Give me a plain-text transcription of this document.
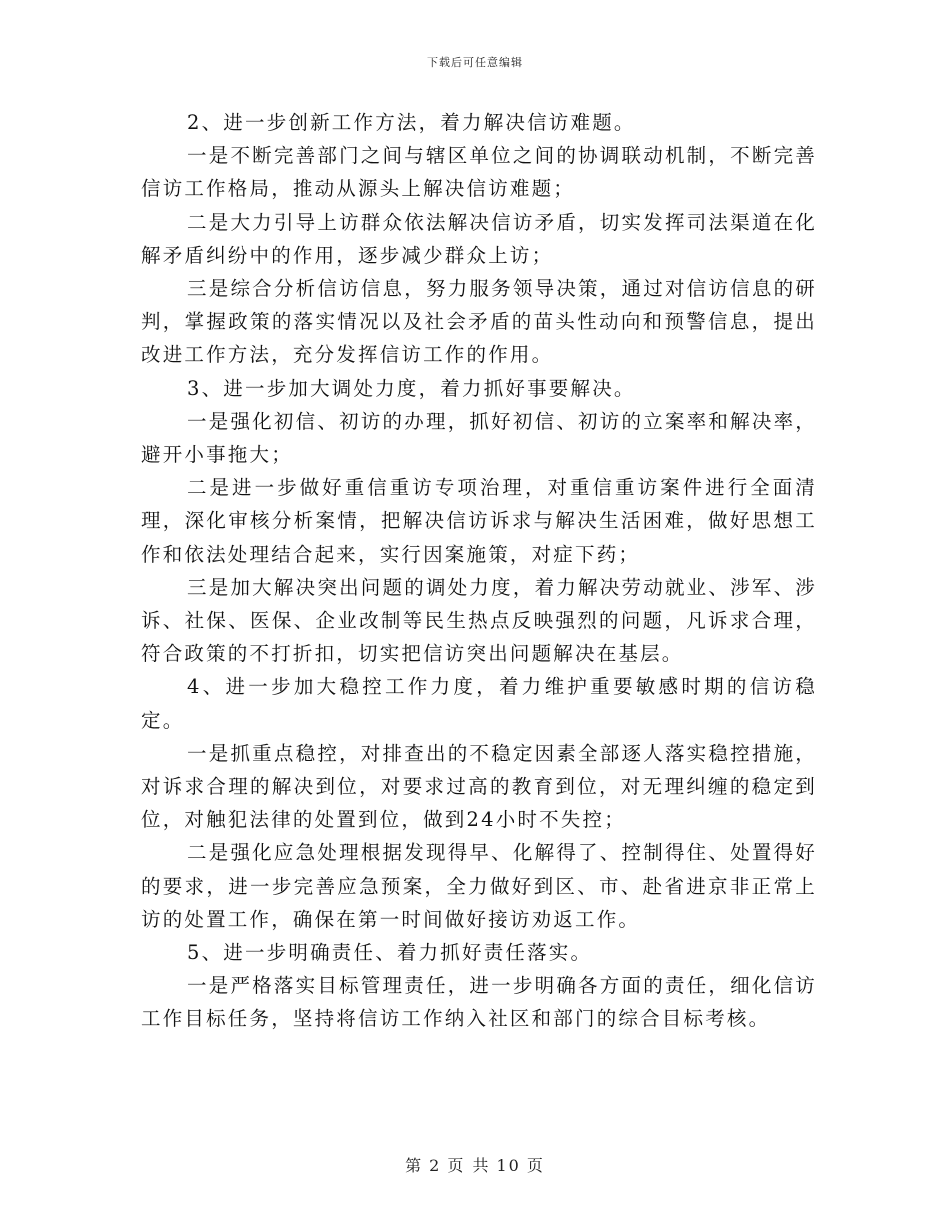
下载后可任意编辑

2、进一步创新工作方法，着力解决信访难题。

一是不断完善部门之间与辖区单位之间的协调联动机制，不断完善信访工作格局，推动从源头上解决信访难题；

二是大力引导上访群众依法解决信访矛盾，切实发挥司法渠道在化解矛盾纠纷中的作用，逐步减少群众上访；

三是综合分析信访信息，努力服务领导决策，通过对信访信息的研判，掌握政策的落实情况以及社会矛盾的苗头性动向和预警信息，提出改进工作方法，充分发挥信访工作的作用。

3、进一步加大调处力度，着力抓好事要解决。

一是强化初信、初访的办理，抓好初信、初访的立案率和解决率，避开小事拖大；

二是进一步做好重信重访专项治理，对重信重访案件进行全面清理，深化审核分析案情，把解决信访诉求与解决生活困难，做好思想工作和依法处理结合起来，实行因案施策，对症下药；

三是加大解决突出问题的调处力度，着力解决劳动就业、涉军、涉诉、社保、医保、企业改制等民生热点反映强烈的问题，凡诉求合理，符合政策的不打折扣，切实把信访突出问题解决在基层。

4、进一步加大稳控工作力度，着力维护重要敏感时期的信访稳定。

一是抓重点稳控，对排查出的不稳定因素全部逐人落实稳控措施，对诉求合理的解决到位，对要求过高的教育到位，对无理纠缠的稳定到位，对触犯法律的处置到位，做到24小时不失控；

二是强化应急处理根据发现得早、化解得了、控制得住、处置得好的要求，进一步完善应急预案，全力做好到区、市、赴省进京非正常上访的处置工作，确保在第一时间做好接访劝返工作。

5、进一步明确责任、着力抓好责任落实。

一是严格落实目标管理责任，进一步明确各方面的责任，细化信访工作目标任务，坚持将信访工作纳入社区和部门的综合目标考核。

第 2 页 共 10 页
